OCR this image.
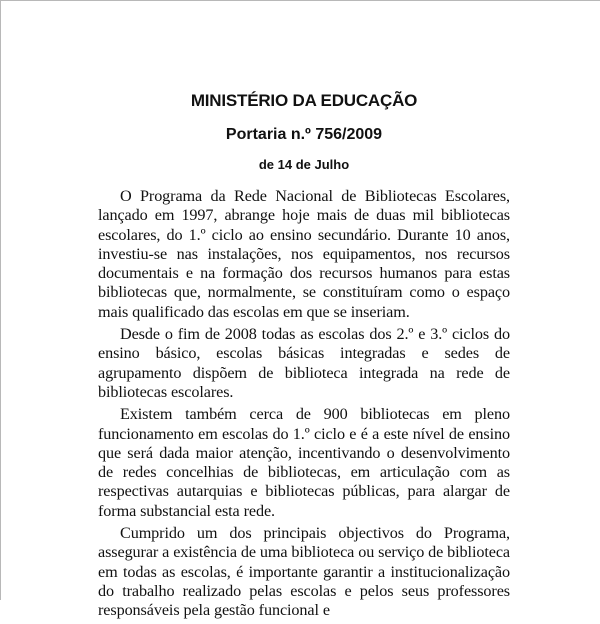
MINISTÉRIO DA EDUCAÇÃO
Portaria n.º 756/2009
de 14 de Julho

O Programa da Rede Nacional de Bibliotecas Escolares, lançado em 1997, abrange hoje mais de duas mil bibliotecas escolares, do 1.º ciclo ao ensino secundário. Durante 10 anos, investiu-se nas instalações, nos equipamentos, nos recursos documentais e na formação dos recursos humanos para estas bibliotecas que, normalmente, se constituíram como o espaço mais qualificado das escolas em que se inseriam.

Desde o fim de 2008 todas as escolas dos 2.º e 3.º ciclos do ensino básico, escolas básicas integradas e sedes de agrupamento dispõem de biblioteca integrada na rede de bibliotecas escolares.

Existem também cerca de 900 bibliotecas em pleno funcionamento em escolas do 1.º ciclo e é a este nível de ensino que será dada maior atenção, incentivando o desenvolvimento de redes concelhias de bibliotecas, em articulação com as respectivas autarquias e bibliotecas públicas, para alargar de forma substancial esta rede.

Cumprido um dos principais objectivos do Programa, assegurar a existência de uma biblioteca ou serviço de biblioteca em todas as escolas, é importante garantir a institucionalização do trabalho realizado pelas escolas e pelos seus professores responsáveis pela gestão funcional e
